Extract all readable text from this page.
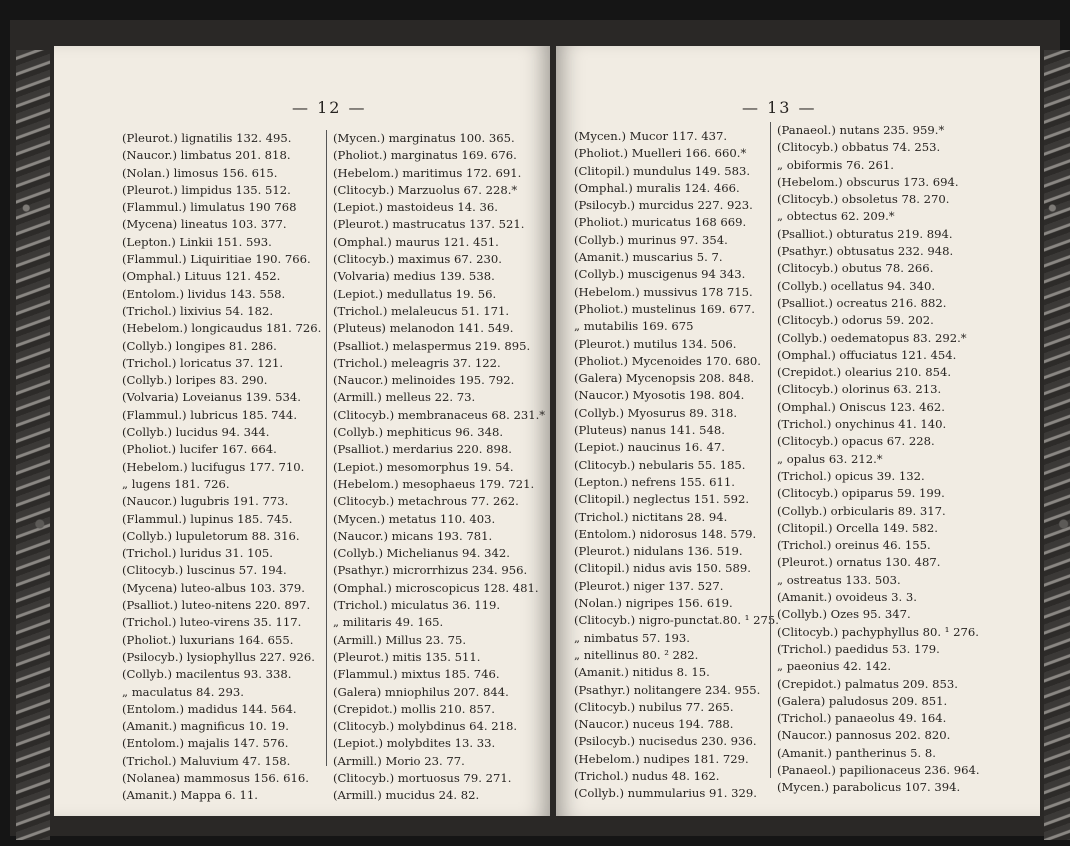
— 12 —
(Pleurot.) lignatilis 132. 495.
(Naucor.) limbatus 201. 818.
(Nolan.) limosus 156. 615.
(Pleurot.) limpidus 135. 512.
(Flammul.) limulatus 190 768
(Mycena) lineatus 103. 377.
(Lepton.) Linkii 151. 593.
(Flammul.) Liquiritiae 190. 766.
(Omphal.) Lituus 121. 452.
(Entolom.) lividus 143. 558.
(Trichol.) lixivius 54. 182.
(Hebelom.) longicaudus 181. 726.
(Collyb.) longipes 81. 286.
(Trichol.) loricatus 37. 121.
(Collyb.) loripes 83. 290.
(Volvaria) Loveianus 139. 534.
(Flammul.) lubricus 185. 744.
(Collyb.) lucidus 94. 344.
(Pholiot.) lucifer 167. 664.
(Hebelom.) lucifugus 177. 710.
„ lugens 181. 726.
(Naucor.) lugubris 191. 773.
(Flammul.) lupinus 185. 745.
(Collyb.) lupuletorum 88. 316.
(Trichol.) luridus 31. 105.
(Clitocyb.) luscinus 57. 194.
(Mycena) luteo-albus 103. 379.
(Psalliot.) luteo-nitens 220. 897.
(Trichol.) luteo-virens 35. 117.
(Pholiot.) luxurians 164. 655.
(Psilocyb.) lysiophyllus 227. 926.
(Collyb.) macilentus 93. 338.
„ maculatus 84. 293.
(Entolom.) madidus 144. 564.
(Amanit.) magnificus 10. 19.
(Entolom.) majalis 147. 576.
(Trichol.) Maluvium 47. 158.
(Nolanea) mammosus 156. 616.
(Amanit.) Mappa 6. 11.
(Mycen.) marginatus 100. 365.
(Pholiot.) marginatus 169. 676.
(Hebelom.) maritimus 172. 691.
(Clitocyb.) Marzuolus 67. 228.*
(Lepiot.) mastoideus 14. 36.
(Pleurot.) mastrucatus 137. 521.
(Omphal.) maurus 121. 451.
(Clitocyb.) maximus 67. 230.
(Volvaria) medius 139. 538.
(Lepiot.) medullatus 19. 56.
(Trichol.) melaleucus 51. 171.
(Pluteus) melanodon 141. 549.
(Psalliot.) melaspermus 219. 895.
(Trichol.) meleagris 37. 122.
(Naucor.) melinoides 195. 792.
(Armill.) melleus 22. 73.
(Clitocyb.) membranaceus 68. 231.*
(Collyb.) mephiticus 96. 348.
(Psalliot.) merdarius 220. 898.
(Lepiot.) mesomorphus 19. 54.
(Hebelom.) mesophaeus 179. 721.
(Clitocyb.) metachrous 77. 262.
(Mycen.) metatus 110. 403.
(Naucor.) micans 193. 781.
(Collyb.) Michelianus 94. 342.
(Psathyr.) microrrhizus 234. 956.
(Omphal.) microscopicus 128. 481.
(Trichol.) miculatus 36. 119.
„ militaris 49. 165.
(Armill.) Millus 23. 75.
(Pleurot.) mitis 135. 511.
(Flammul.) mixtus 185. 746.
(Galera) mniophilus 207. 844.
(Crepidot.) mollis 210. 857.
(Clitocyb.) molybdinus 64. 218.
(Lepiot.) molybdites 13. 33.
(Armill.) Morio 23. 77.
(Clitocyb.) mortuosus 79. 271.
(Armill.) mucidus 24. 82.
— 13 —
(Mycen.) Mucor 117. 437.
(Pholiot.) Muelleri 166. 660.*
(Clitopil.) mundulus 149. 583.
(Omphal.) muralis 124. 466.
(Psilocyb.) murcidus 227. 923.
(Pholiot.) muricatus 168 669.
(Collyb.) murinus 97. 354.
(Amanit.) muscarius 5. 7.
(Collyb.) muscigenus 94 343.
(Hebelom.) mussivus 178 715.
(Pholiot.) mustelinus 169. 677.
„ mutabilis 169. 675
(Pleurot.) mutilus 134. 506.
(Pholiot.) Mycenoides 170. 680.
(Galera) Mycenopsis 208. 848.
(Naucor.) Myosotis 198. 804.
(Collyb.) Myosurus 89. 318.
(Pluteus) nanus 141. 548.
(Lepiot.) naucinus 16. 47.
(Clitocyb.) nebularis 55. 185.
(Lepton.) nefrens 155. 611.
(Clitopil.) neglectus 151. 592.
(Trichol.) nictitans 28. 94.
(Entolom.) nidorosus 148. 579.
(Pleurot.) nidulans 136. 519.
(Clitopil.) nidus avis 150. 589.
(Pleurot.) niger 137. 527.
(Nolan.) nigripes 156. 619.
(Clitocyb.) nigro-punctat.80. ¹ 275.
„ nimbatus 57. 193.
„ nitellinus 80. ² 282.
(Amanit.) nitidus 8. 15.
(Psathyr.) nolitangere 234. 955.
(Clitocyb.) nubilus 77. 265.
(Naucor.) nuceus 194. 788.
(Psilocyb.) nucisedus 230. 936.
(Hebelom.) nudipes 181. 729.
(Trichol.) nudus 48. 162.
(Collyb.) nummularius 91. 329.
(Panaeol.) nutans 235. 959.*
(Clitocyb.) obbatus 74. 253.
„ obiformis 76. 261.
(Hebelom.) obscurus 173. 694.
(Clitocyb.) obsoletus 78. 270.
„ obtectus 62. 209.*
(Psalliot.) obturatus 219. 894.
(Psathyr.) obtusatus 232. 948.
(Clitocyb.) obutus 78. 266.
(Collyb.) ocellatus 94. 340.
(Psalliot.) ocreatus 216. 882.
(Clitocyb.) odorus 59. 202.
(Collyb.) oedematopus 83. 292.*
(Omphal.) offuciatus 121. 454.
(Crepidot.) olearius 210. 854.
(Clitocyb.) olorinus 63. 213.
(Omphal.) Oniscus 123. 462.
(Trichol.) onychinus 41. 140.
(Clitocyb.) opacus 67. 228.
„ opalus 63. 212.*
(Trichol.) opicus 39. 132.
(Clitocyb.) opiparus 59. 199.
(Collyb.) orbicularis 89. 317.
(Clitopil.) Orcella 149. 582.
(Trichol.) oreinus 46. 155.
(Pleurot.) ornatus 130. 487.
„ ostreatus 133. 503.
(Amanit.) ovoideus 3. 3.
(Collyb.) Ozes 95. 347.
(Clitocyb.) pachyphyllus 80. ¹ 276.
(Trichol.) paedidus 53. 179.
„ paeonius 42. 142.
(Crepidot.) palmatus 209. 853.
(Galera) paludosus 209. 851.
(Trichol.) panaeolus 49. 164.
(Naucor.) pannosus 202. 820.
(Amanit.) pantherinus 5. 8.
(Panaeol.) papilionaceus 236. 964.
(Mycen.) parabolicus 107. 394.
